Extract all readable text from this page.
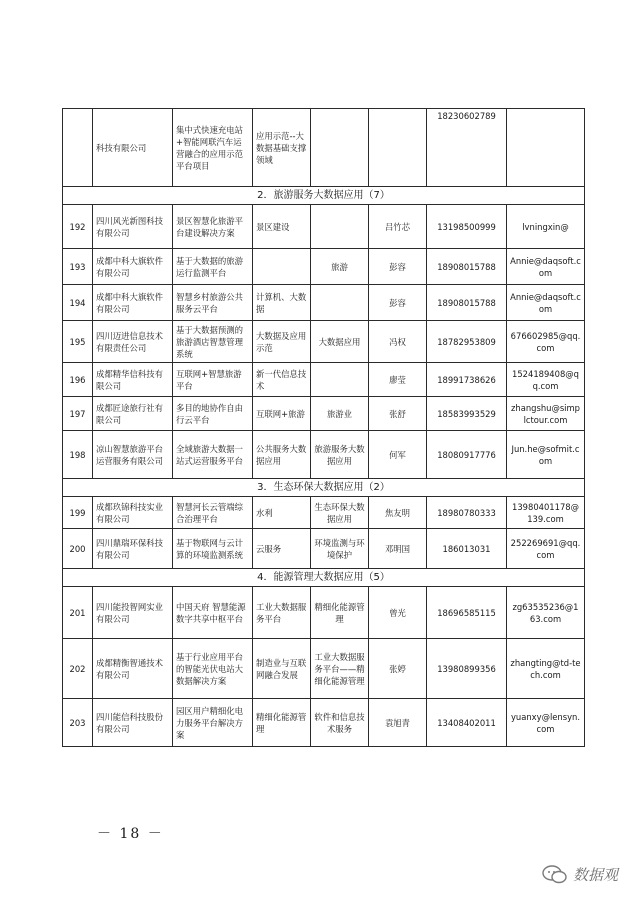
	科技有限公司	集中式快速充电站+智能网联汽车运营融合的应用示范平台项目	应用示范--大数据基础支撑领域			18230602789	
2．旅游服务大数据应用（7）							
192	四川风光新图科技有限公司	景区智慧化旅游平台建设解决方案	景区建设		吕竹芯	13198500999	lvningxin@
193	成都中科大旗软件有限公司	基于大数据的旅游运行监测平台		旅游	彭容	18908015788	Annie@daqsoft.com
194	成都中科大旗软件有限公司	智慧乡村旅游公共服务云平台	计算机、大数据		彭容	18908015788	Annie@daqsoft.com
195	四川迈进信息技术有限责任公司	基于大数据预测的旅游酒店智慧管理系统	大数据及应用示范	大数据应用	冯权	18782953809	676602985@qq.com
196	成都精华信科技有限公司	互联网+智慧旅游平台	新一代信息技术		廖莹	18991738626	1524189408@qq.com
197	成都匠途旅行社有限公司	多目的地协作自由行云平台	互联网+旅游	旅游业	张舒	18583993529	zhangshu@simplctour.com
198	凉山智慧旅游平台运营服务有限公司	全域旅游大数据一站式运营服务平台	公共服务大数据应用	旅游服务大数据应用	何军	18080917776	Jun.he@sofmit.com
3．生态环保大数据应用（2）							
199	成都玖锦科技实业有限公司	智慧河长云管端综合治理平台	水利	生态环保大数据应用	焦友明	18980780333	13980401178@139.com
200	四川鼎瑞环保科技有限公司	基于物联网与云计算的环境监测系统	云服务	环境监测与环境保护	邓明国	186013031	252269691@qq.com
4．能源管理大数据应用（5）							
201	四川能投智网实业有限公司	中国天府 智慧能源数字共享中枢平台	工业大数据服务平台	精细化能源管理	曾光	18696585115	zg63535236@163.com
202	成都精衡智通技术有限公司	基于行业应用平台的智能光伏电站大数据解决方案	制造业与互联网融合发展	工业大数据服务平台——精细化能源管理	张婷	13980899356	zhangting@td-tech.com
203	四川能信科技股份有限公司	园区用户精细化电力服务平台解决方案	精细化能源管理	软件和信息技术服务	袁旭青	13408402011	yuanxy@lensyn.com
－ 18 －
数据观
